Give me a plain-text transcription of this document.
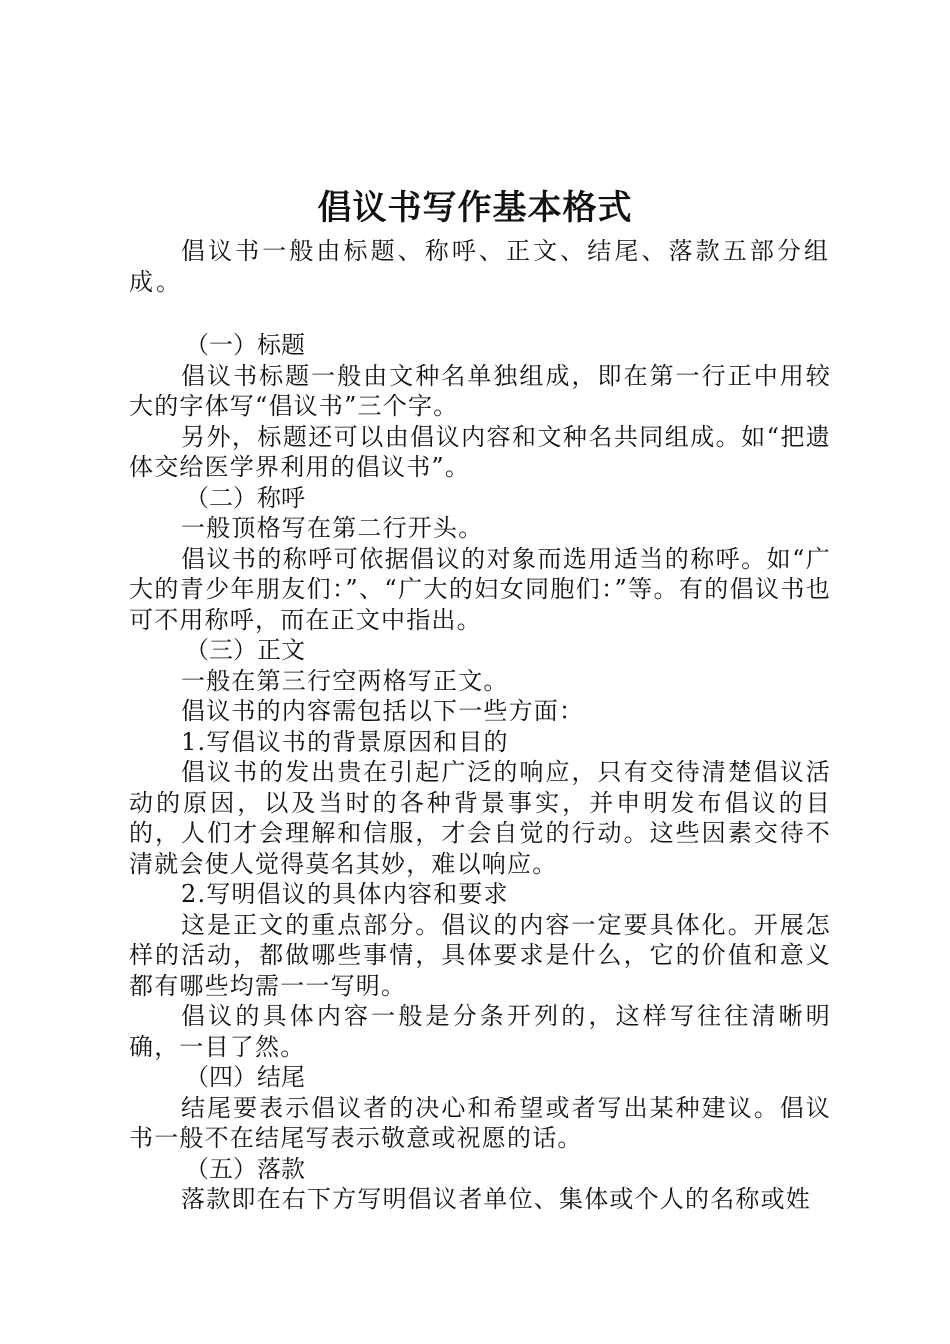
倡议书写作基本格式

倡议书一般由标题、称呼、正文、结尾、落款五部分组成。

（一）标题

倡议书标题一般由文种名单独组成，即在第一行正中用较大的字体写“倡议书”三个字。

另外，标题还可以由倡议内容和文种名共同组成。如“把遗体交给医学界利用的倡议书”。

（二）称呼

一般顶格写在第二行开头。

倡议书的称呼可依据倡议的对象而选用适当的称呼。如“广大的青少年朋友们：”、“广大的妇女同胞们：”等。有的倡议书也可不用称呼，而在正文中指出。

（三）正文

一般在第三行空两格写正文。

倡议书的内容需包括以下一些方面：

1.写倡议书的背景原因和目的

倡议书的发出贵在引起广泛的响应，只有交待清楚倡议活动的原因，以及当时的各种背景事实，并申明发布倡议的目的，人们才会理解和信服，才会自觉的行动。这些因素交待不清就会使人觉得莫名其妙，难以响应。

2.写明倡议的具体内容和要求

这是正文的重点部分。倡议的内容一定要具体化。开展怎样的活动，都做哪些事情，具体要求是什么，它的价值和意义都有哪些均需一一写明。

倡议的具体内容一般是分条开列的，这样写往往清晰明确，一目了然。

（四）结尾

结尾要表示倡议者的决心和希望或者写出某种建议。倡议书一般不在结尾写表示敬意或祝愿的话。

（五）落款

落款即在右下方写明倡议者单位、集体或个人的名称或姓
